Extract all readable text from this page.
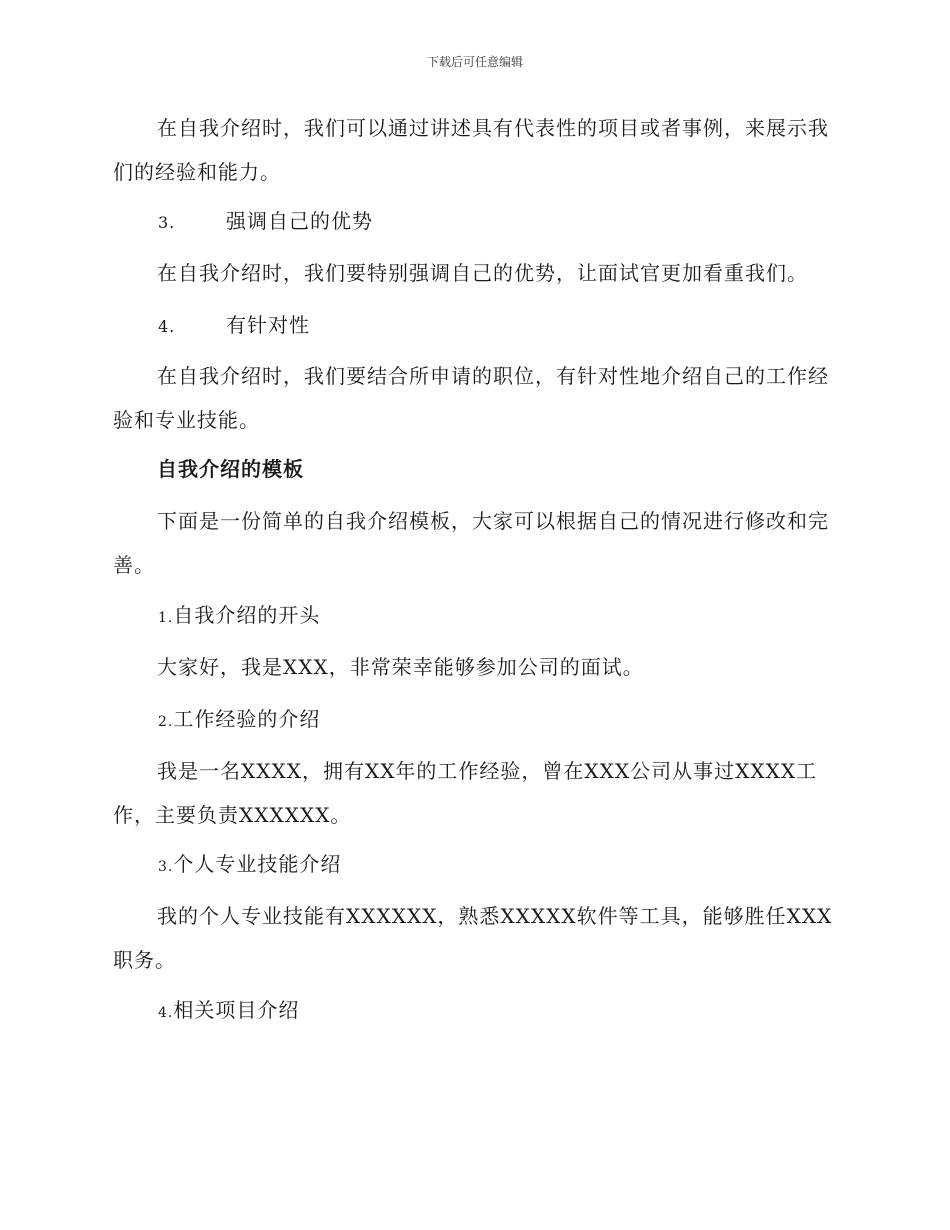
下载后可任意编辑
在自我介绍时，我们可以通过讲述具有代表性的项目或者事例，来展示我们的经验和能力。
3.	强调自己的优势
在自我介绍时，我们要特别强调自己的优势，让面试官更加看重我们。
4.	有针对性
在自我介绍时，我们要结合所申请的职位，有针对性地介绍自己的工作经验和专业技能。
自我介绍的模板
下面是一份简单的自我介绍模板，大家可以根据自己的情况进行修改和完善。
1.自我介绍的开头
大家好，我是XXX，非常荣幸能够参加公司的面试。
2.工作经验的介绍
我是一名XXXX，拥有XX年的工作经验，曾在XXX公司从事过XXXX工作，主要负责XXXXXX。
3.个人专业技能介绍
我的个人专业技能有XXXXXX，熟悉XXXXX软件等工具，能够胜任XXX职务。
4.相关项目介绍
